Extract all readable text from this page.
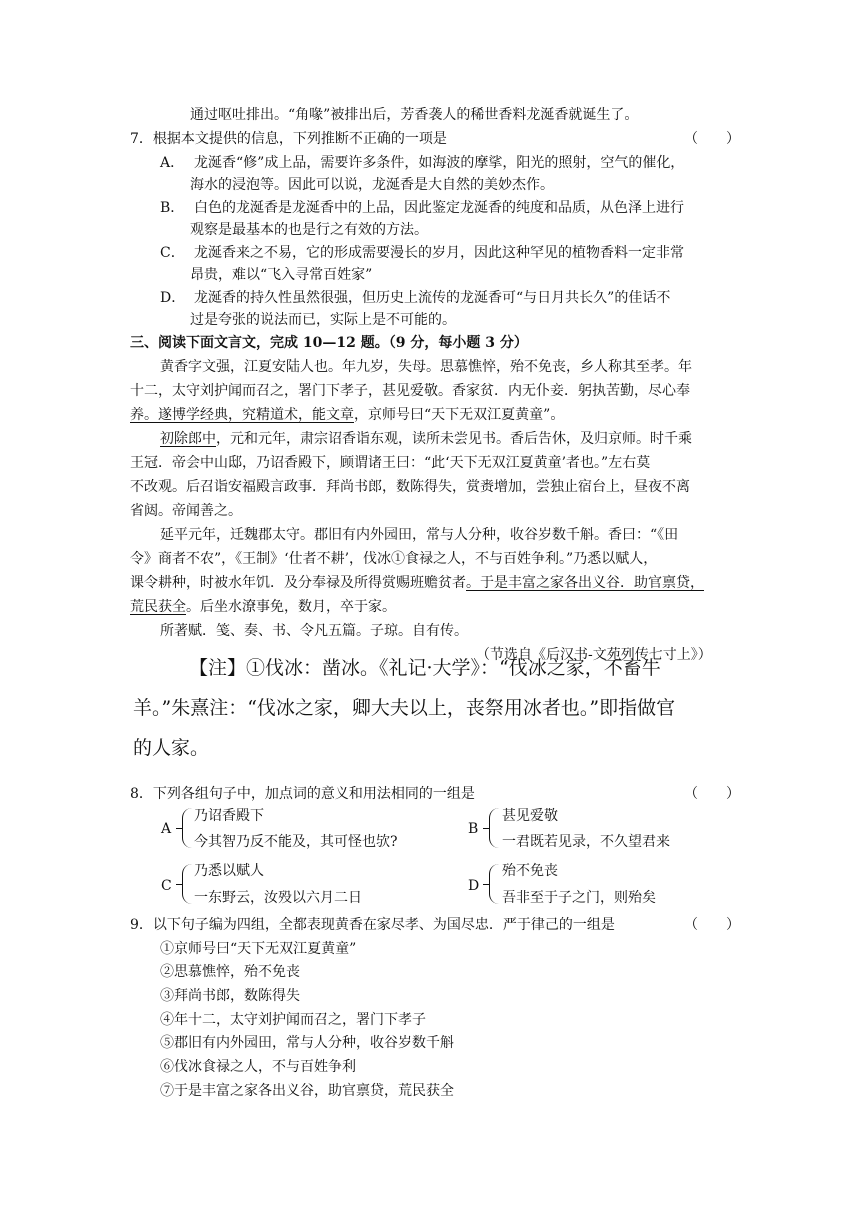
通过呕吐排出。“角喙”被排出后，芳香袭人的稀世香料龙涎香就诞生了。
7．根据本文提供的信息，下列推断不正确的一项是	（　　）
A． 龙涎香“修”成上品，需要许多条件，如海波的摩挲，阳光的照射，空气的催化，
海水的浸泡等。因此可以说，龙涎香是大自然的美妙杰作。
B． 白色的龙涎香是龙涎香中的上品，因此鉴定龙涎香的纯度和品质，从色泽上进行
观察是最基本的也是行之有效的方法。
C． 龙涎香来之不易，它的形成需要漫长的岁月，因此这种罕见的植物香料一定非常
昂贵，难以“飞入寻常百姓家”
D． 龙涎香的持久性虽然很强，但历史上流传的龙涎香可“与日月共长久”的佳话不
过是夸张的说法而已，实际上是不可能的。
三、阅读下面文言文，完成 10—12 题。（9 分，每小题 3 分）
黄香字文强，江夏安陆人也。年九岁，失母。思慕憔悴，殆不免丧，乡人称其至孝。年
十二，太守刘护闻而召之，署门下孝子，甚见爱敬。香家贫．内无仆妾．躬执苦勤，尽心奉
养。遂博学经典，究精道术，能文章，京师号曰“天下无双江夏黄童”。
初除郎中，元和元年，肃宗诏香诣东观，读所未尝见书。香后告休，及归京师。时千乘
王冠．帝会中山邸，乃诏香殿下，顾谓诸王曰：“此‘天下无双江夏黄童’者也。”左右莫
不改观。后召诣安福殿言政事．拜尚书郎，数陈得失，赏赉增加，尝独止宿台上，昼夜不离
省闼。帝闻善之。
延平元年，迁魏郡太守。郡旧有内外园田，常与人分种，收谷岁数千斛。香曰：“《田
令》商者不农”，《王制》‘仕者不耕’，伐冰①食禄之人，不与百姓争利。”乃悉以赋人，
课令耕种，时被水年饥．及分奉禄及所得赏赐班赡贫者。于是丰富之家各出义谷．助官禀贷，
荒民获全。后坐水潦事免，数月，卒于家。
所著赋．笺、奏、书、令凡五篇。子琼。自有传。
（节选自《后汉书-文苑列传七寸上》）
【注】①伐冰：凿冰。《礼记·大学》：“伐冰之家，不畜牛
羊。”朱熹注：“伐冰之家，卿大夫以上，丧祭用冰者也。”即指做官
的人家。
8．下列各组句子中，加点词的意义和用法相同的一组是	（　　）
A
乃诏香殿下
今其智乃反不能及，其可怪也欤?
B
甚见爱敬
一君既若见录，不久望君来
C
乃悉以赋人
一东野云，汝殁以六月二日
D
殆不免丧
吾非至于子之门，则殆矣
9．以下句子编为四组，全都表现黄香在家尽孝、为国尽忠．严于律己的一组是	（　　）
①京师号曰“天下无双江夏黄童”
②思慕憔悴，殆不免丧
③拜尚书郎，数陈得失
④年十二，太守刘护闻而召之，署门下孝子
⑤郡旧有内外园田，常与人分种，收谷岁数千斛
⑥伐冰食禄之人，不与百姓争利
⑦于是丰富之家各出义谷，助官禀贷，荒民获全
